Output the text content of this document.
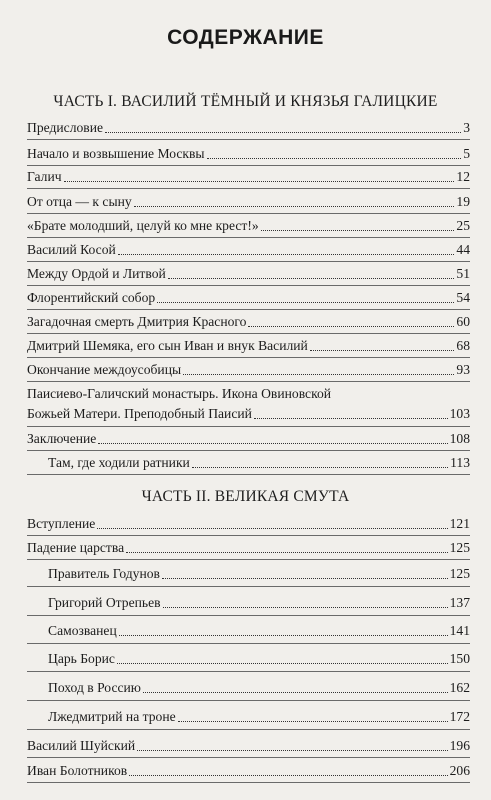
СОДЕРЖАНИЕ
ЧАСТЬ I. ВАСИЛИЙ ТЁМНЫЙ И КНЯЗЬЯ ГАЛИЦКИЕ
Предисловие	3
Начало и возвышение Москвы	5
Галич	12
От отца — к сыну	19
«Брате молодший, целуй ко мне крест!»	25
Василий Косой	44
Между Ордой и Литвой	51
Флорентийский собор	54
Загадочная смерть Дмитрия Красного	60
Дмитрий Шемяка, его сын Иван и внук Василий	68
Окончание междоусобицы	93
Паисиево-Галичский монастырь. Икона Овиновской
Божьей Матери. Преподобный Паисий	103
Заключение	108
Там, где ходили ратники	113
ЧАСТЬ II. ВЕЛИКАЯ СМУТА
Вступление	121
Падение царства	125
Правитель Годунов	125
Григорий Отрепьев	137
Самозванец	141
Царь Борис	150
Поход в Россию	162
Лжедмитрий на троне	172
Василий Шуйский	196
Иван Болотников	206
